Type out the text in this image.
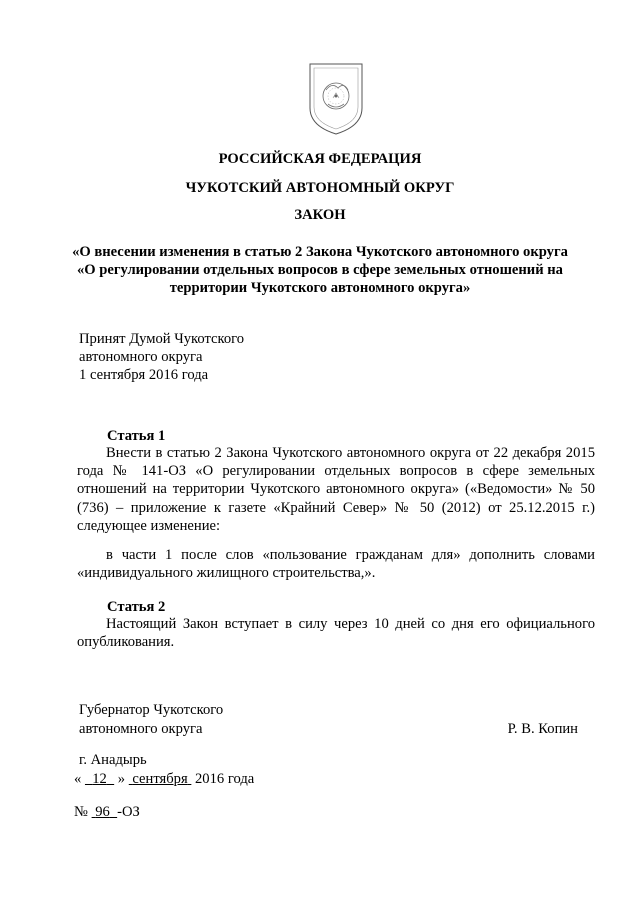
РОССИЙСКАЯ ФЕДЕРАЦИЯ
ЧУКОТСКИЙ АВТОНОМНЫЙ ОКРУГ
ЗАКОН
«О внесении изменения в статью 2 Закона Чукотского автономного округа
«О регулировании отдельных вопросов в сфере земельных отношений на
территории Чукотского автономного округа»
Принят Думой Чукотского
автономного округа
1 сентября 2016 года
Статья 1
Внести в статью 2 Закона Чукотского автономного округа от 22 декабря 2015 года № 141-ОЗ «О регулировании отдельных вопросов в сфере земельных отношений на территории Чукотского автономного округа» («Ведомости» № 50 (736) – приложение к газете «Крайний Север» № 50 (2012) от 25.12.2015 г.) следующее изменение:
в части 1 после слов «пользование гражданам для» дополнить словами «индивидуального жилищного строительства,».
Статья 2
Настоящий Закон вступает в силу через 10 дней со дня его официального опубликования.
Губернатор Чукотского
автономного округа	Р. В. Копин
г. Анадырь
« 12 » сентября 2016 года
№ 96 -ОЗ
